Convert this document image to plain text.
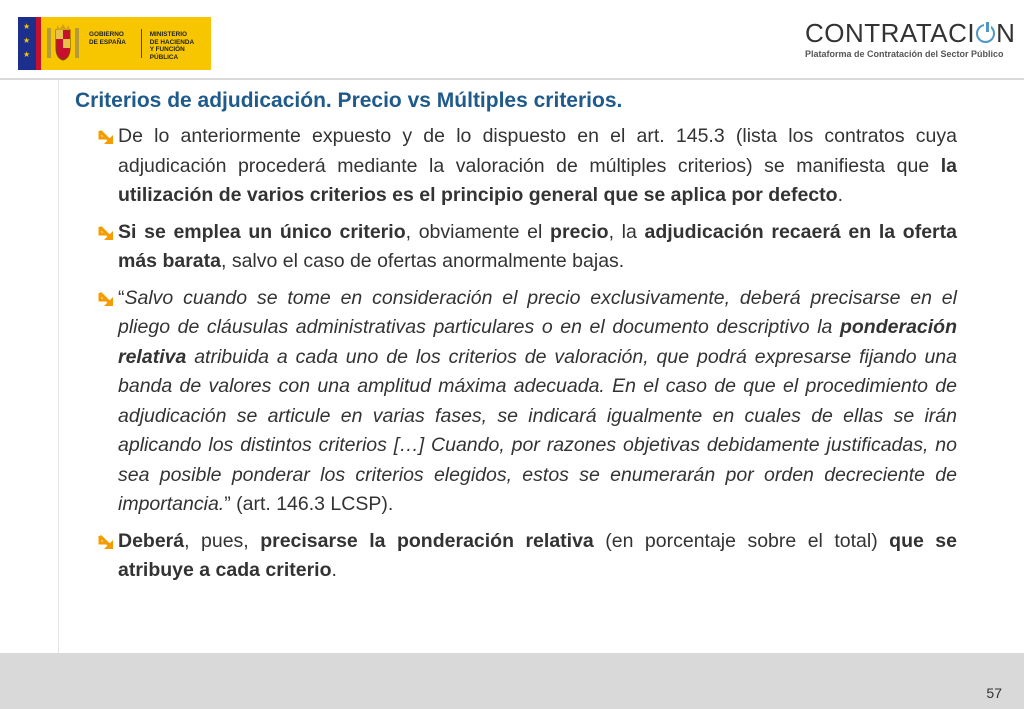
★
★
★
GOBIERNO
DE ESPAÑA
MINISTERIO
DE HACIENDA
Y FUNCIÓN PÚBLICA
CONTRATACI N
Plataforma de Contratación del Sector Público
Criterios de adjudicación. Precio vs Múltiples criterios.
De lo anteriormente expuesto y de lo dispuesto en el art. 145.3 (lista los contratos cuya adjudicación procederá mediante la valoración de múltiples criterios) se manifiesta que la utilización de varios criterios es el principio general que se aplica por defecto.
Si se emplea un único criterio, obviamente el precio, la adjudicación recaerá en la oferta más barata, salvo el caso de ofertas anormalmente bajas.
“Salvo cuando se tome en consideración el precio exclusivamente, deberá precisarse en el pliego de cláusulas administrativas particulares o en el documento descriptivo la ponderación relativa atribuida a cada uno de los criterios de valoración, que podrá expresarse fijando una banda de valores con una amplitud máxima adecuada. En el caso de que el procedimiento de adjudicación se articule en varias fases, se indicará igualmente en cuales de ellas se irán aplicando los distintos criterios […] Cuando, por razones objetivas debidamente justificadas, no sea posible ponderar los criterios elegidos, estos se enumerarán por orden decreciente de importancia.” (art. 146.3 LCSP).
Deberá, pues, precisarse la ponderación relativa (en porcentaje sobre el total) que se atribuye a cada criterio.
57
